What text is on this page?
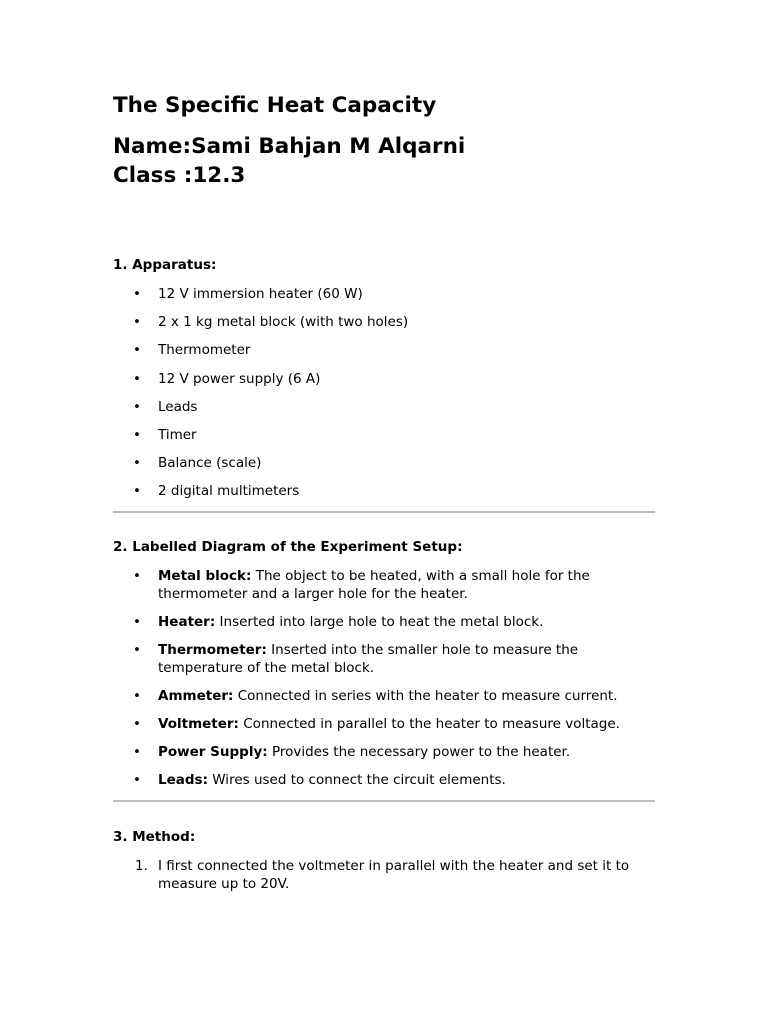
The Specific Heat Capacity
Name:Sami Bahjan M Alqarni
Class :12.3
1. Apparatus:
• 12 V immersion heater (60 W)
• 2 x 1 kg metal block (with two holes)
• Thermometer
• 12 V power supply (6 A)
• Leads
• Timer
• Balance (scale)
• 2 digital multimeters
2. Labelled Diagram of the Experiment Setup:
• Metal block: The object to be heated, with a small hole for the thermometer and a larger hole for the heater.
• Heater: Inserted into large hole to heat the metal block.
• Thermometer: Inserted into the smaller hole to measure the temperature of the metal block.
• Ammeter: Connected in series with the heater to measure current.
• Voltmeter: Connected in parallel to the heater to measure voltage.
• Power Supply: Provides the necessary power to the heater.
• Leads: Wires used to connect the circuit elements.
3. Method:
1. I first connected the voltmeter in parallel with the heater and set it to measure up to 20V.
